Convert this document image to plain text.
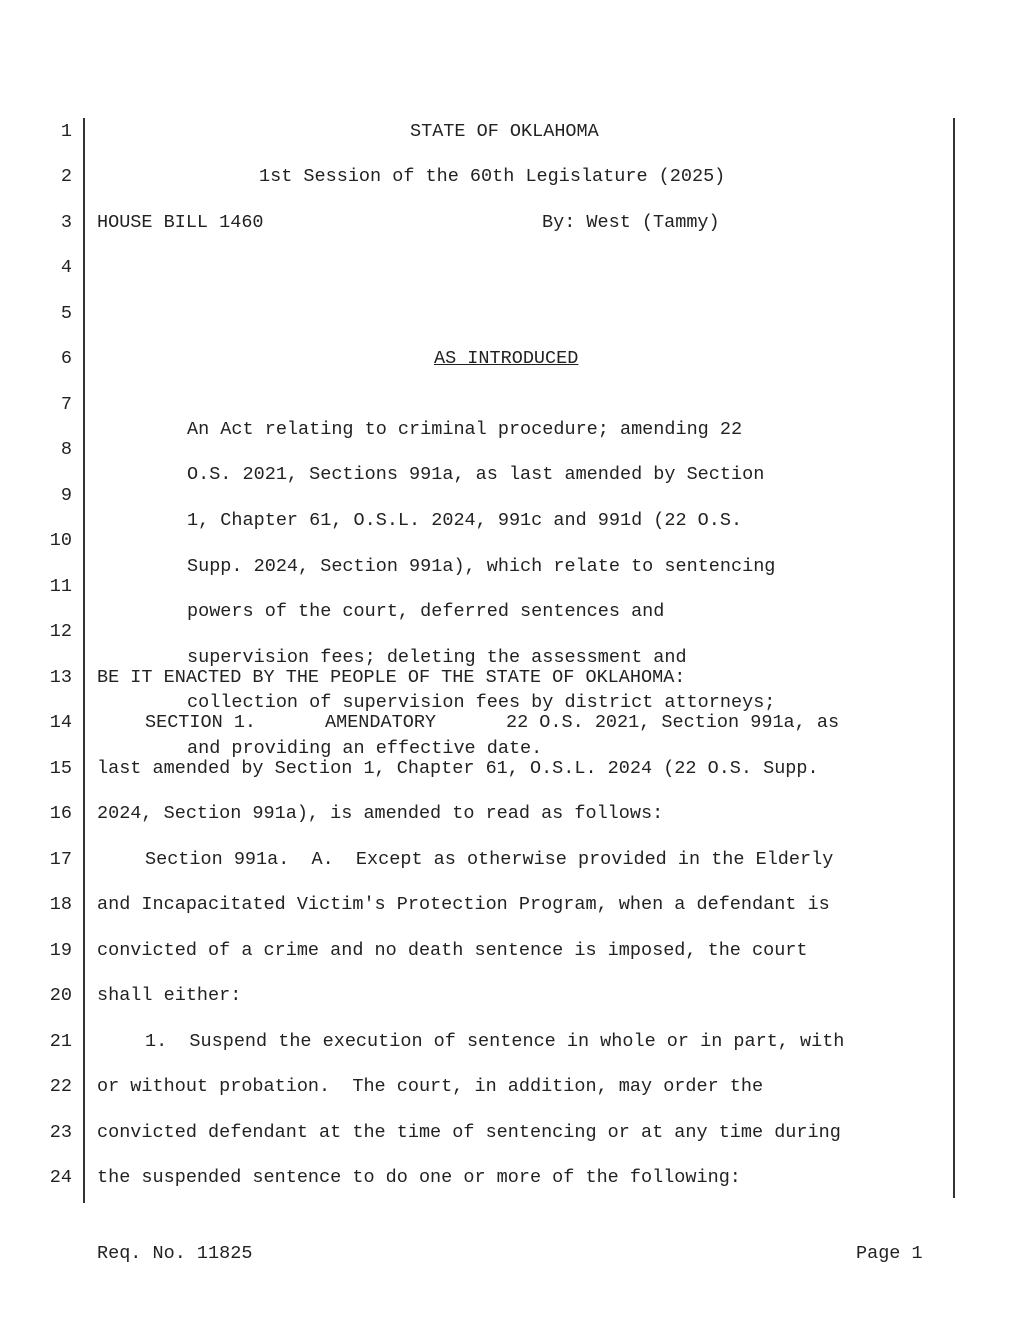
1
2
3
4
5
6
7
8
9
10
11
12
13
14
15
16
17
18
19
20
21
22
23
24
STATE OF OKLAHOMA
1st Session of the 60th Legislature (2025)
HOUSE BILL 1460	By: West (Tammy)
AS INTRODUCED

An Act relating to criminal procedure; amending 22

O.S. 2021, Sections 991a, as last amended by Section

1, Chapter 61, O.S.L. 2024, 991c and 991d (22 O.S.

Supp. 2024, Section 991a), which relate to sentencing

powers of the court, deferred sentences and

supervision fees; deleting the assessment and

collection of supervision fees by district attorneys;

and providing an effective date.

BE IT ENACTED BY THE PEOPLE OF THE STATE OF OKLAHOMA:
SECTION 1.	AMENDATORY	22 O.S. 2021, Section 991a, as
last amended by Section 1, Chapter 61, O.S.L. 2024 (22 O.S. Supp.
2024, Section 991a), is amended to read as follows:
Section 991a.  A.  Except as otherwise provided in the Elderly
and Incapacitated Victim's Protection Program, when a defendant is
convicted of a crime and no death sentence is imposed, the court
shall either:
1.  Suspend the execution of sentence in whole or in part, with
or without probation.  The court, in addition, may order the
convicted defendant at the time of sentencing or at any time during
the suspended sentence to do one or more of the following:
Req. No. 11825	Page 1
